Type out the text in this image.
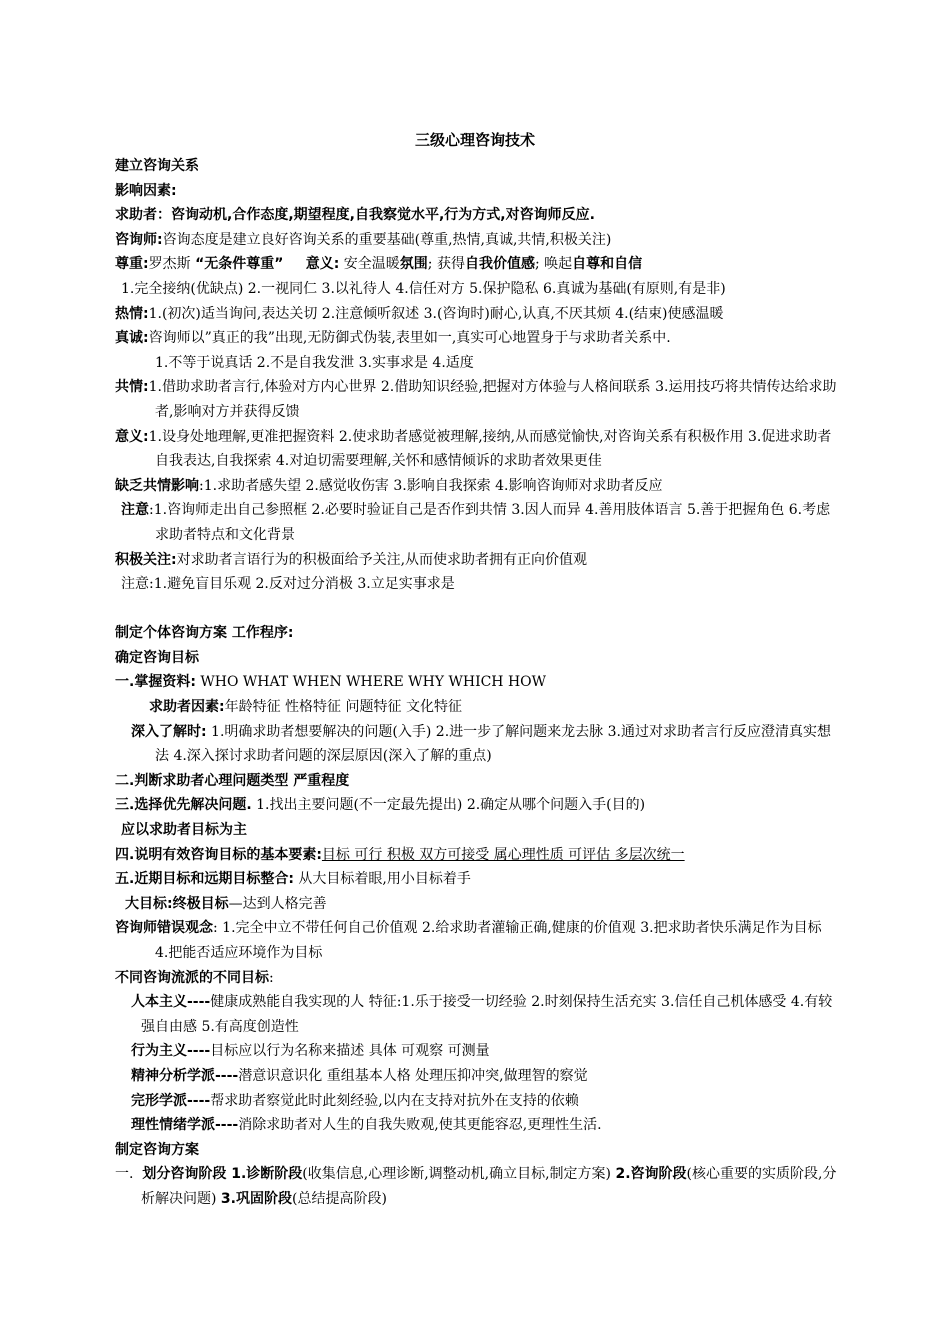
三级心理咨询技术
建立咨询关系
影响因素:
求助者：咨询动机,合作态度,期望程度,自我察觉水平,行为方式,对咨询师反应.
咨询师:咨询态度是建立良好咨询关系的重要基础(尊重,热情,真诚,共情,积极关注)
尊重:罗杰斯 “无条件尊重” 意义: 安全温暖氛围; 获得自我价值感; 唤起自尊和自信
1.完全接纳(优缺点) 2.一视同仁 3.以礼待人 4.信任对方 5.保护隐私 6.真诚为基础(有原则,有是非)
热情:1.(初次)适当询问,表达关切 2.注意倾听叙述 3.(咨询时)耐心,认真,不厌其烦 4.(结束)使感温暖
真诚:咨询师以”真正的我”出现,无防御式伪装,表里如一,真实可心地置身于与求助者关系中.
1.不等于说真话 2.不是自我发泄 3.实事求是 4.适度
共情:1.借助求助者言行,体验对方内心世界 2.借助知识经验,把握对方体验与人格间联系 3.运用技巧将共情传达给求助者,影响对方并获得反馈
意义:1.设身处地理解,更准把握资料 2.使求助者感觉被理解,接纳,从而感觉愉快,对咨询关系有积极作用 3.促进求助者自我表达,自我探索 4.对迫切需要理解,关怀和感情倾诉的求助者效果更佳
缺乏共情影响:1.求助者感失望 2.感觉收伤害 3.影响自我探索 4.影响咨询师对求助者反应
注意:1.咨询师走出自己参照框 2.必要时验证自己是否作到共情 3.因人而异 4.善用肢体语言 5.善于把握角色 6.考虑求助者特点和文化背景
积极关注:对求助者言语行为的积极面给予关注,从而使求助者拥有正向价值观
注意:1.避免盲目乐观 2.反对过分消极 3.立足实事求是
制定个体咨询方案 工作程序:
确定咨询目标
一.掌握资料: WHO WHAT WHEN WHERE WHY WHICH HOW
求助者因素:年龄特征 性格特征 问题特征 文化特征
深入了解时: 1.明确求助者想要解决的问题(入手) 2.进一步了解问题来龙去脉 3.通过对求助者言行反应澄清真实想法 4.深入探讨求助者问题的深层原因(深入了解的重点)
二.判断求助者心理问题类型 严重程度
三.选择优先解决问题. 1.找出主要问题(不一定最先提出) 2.确定从哪个问题入手(目的)
应以求助者目标为主
四.说明有效咨询目标的基本要素:目标 可行 积极 双方可接受 属心理性质 可评估 多层次统一
五.近期目标和远期目标整合: 从大目标着眼,用小目标着手
大目标:终极目标—达到人格完善
咨询师错误观念: 1.完全中立不带任何自己价值观 2.给求助者灌输正确,健康的价值观 3.把求助者快乐满足作为目标 4.把能否适应环境作为目标
不同咨询流派的不同目标:
人本主义----健康成熟能自我实现的人 特征:1.乐于接受一切经验 2.时刻保持生活充实 3.信任自己机体感受 4.有较强自由感 5.有高度创造性
行为主义----目标应以行为名称来描述 具体 可观察 可测量
精神分析学派----潜意识意识化 重组基本人格 处理压抑冲突,做理智的察觉
完形学派----帮求助者察觉此时此刻经验,以内在支持对抗外在支持的依赖
理性情绪学派----消除求助者对人生的自我失败观,使其更能容忍,更理性生活.
制定咨询方案
一.  划分咨询阶段 1.诊断阶段(收集信息,心理诊断,调整动机,确立目标,制定方案) 2.咨询阶段(核心重要的实质阶段,分析解决问题) 3.巩固阶段(总结提高阶段)
